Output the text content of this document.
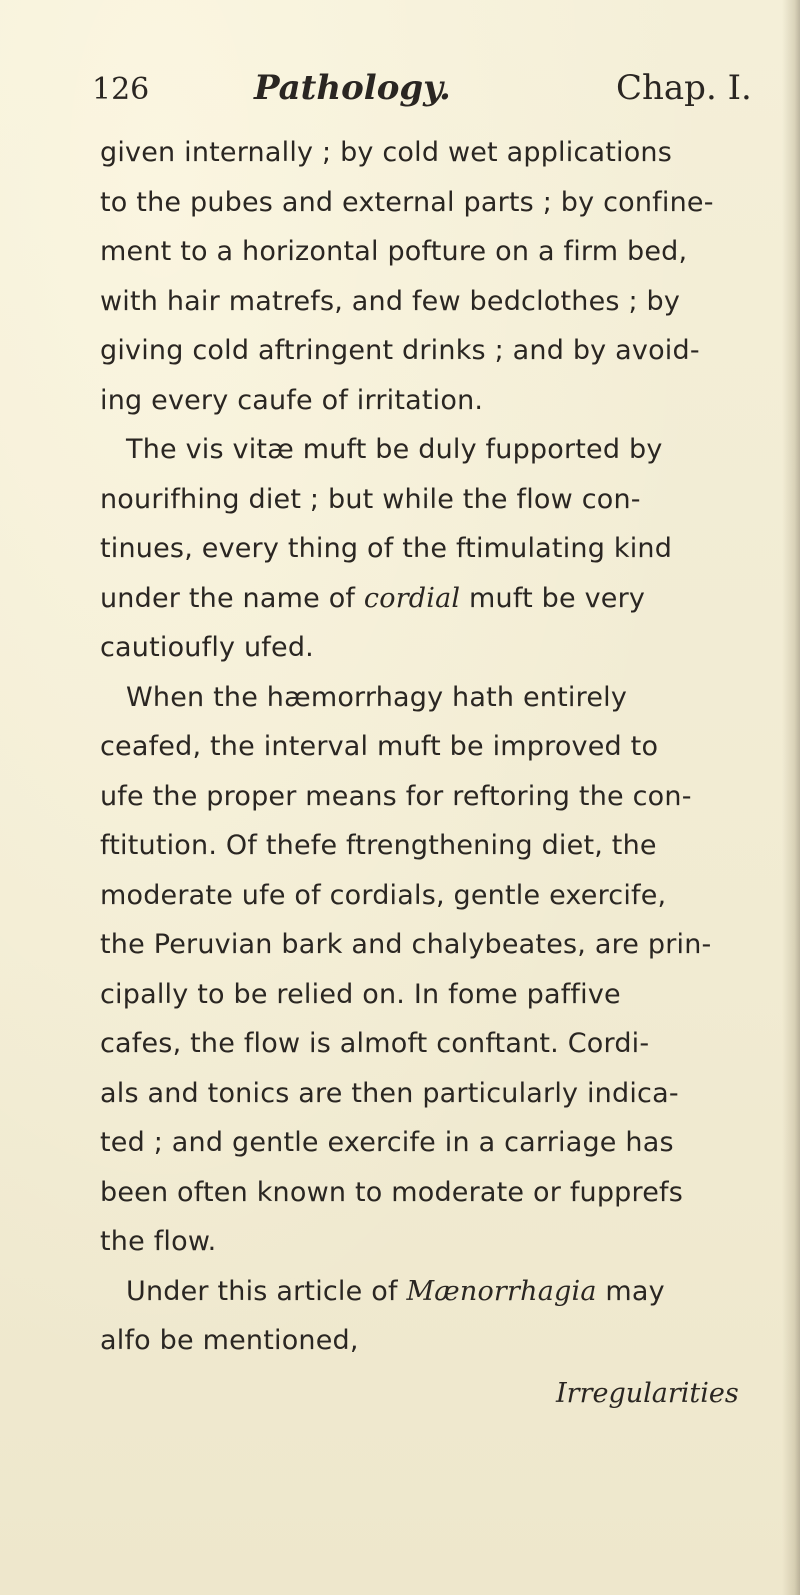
126	Pathology.	Chap. I.
given internally ; by cold wet applications
to the pubes and external parts ; by confine-
ment to a horizontal pofture on a firm bed,
with hair matrefs, and few bedclothes ; by
giving cold aftringent drinks ; and by avoid-
ing every caufe of irritation.
The vis vitæ muft be duly fupported by
nourifhing diet ; but while the flow con-
tinues, every thing of the ftimulating kind
under the name of cordial muft be very
cautioufly ufed.
When the hæmorrhagy hath entirely
ceafed, the interval muft be improved to
ufe the proper means for reftoring the con-
ftitution. Of thefe ftrengthening diet, the
moderate ufe of cordials, gentle exercife,
the Peruvian bark and chalybeates, are prin-
cipally to be relied on. In fome paffive
cafes, the flow is almoft conftant. Cordi-
als and tonics are then particularly indica-
ted ; and gentle exercife in a carriage has
been often known to moderate or fupprefs
the flow.
Under this article of Mænorrhagia may
alfo be mentioned,
Irregularities
